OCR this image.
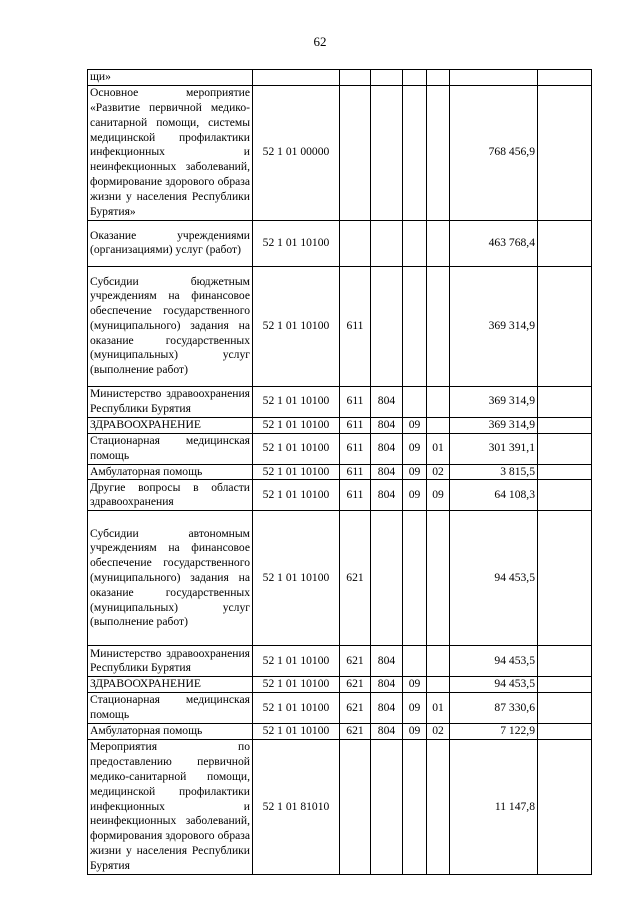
62
щи»							
Основное мероприятие «Развитие первичной медико-санитарной помощи, системы медицинской профилактики инфекционных и неинфекционных заболеваний, формирование здорового образа жизни у населения Республики Бурятия»	52 1 01 00000					768 456,9	
Оказание учреждениями (организациями) услуг (работ)	52 1 01 10100					463 768,4	
Субсидии бюджетным учреждениям на финансовое обеспечение государственного (муниципального) задания на оказание государственных (муниципальных) услуг (выполнение работ)	52 1 01 10100	611				369 314,9	
Министерство здравоохранения Республики Бурятия	52 1 01 10100	611	804			369 314,9	
ЗДРАВООХРАНЕНИЕ	52 1 01 10100	611	804	09		369 314,9	
Стационарная медицинская помощь	52 1 01 10100	611	804	09	01	301 391,1	
Амбулаторная помощь	52 1 01 10100	611	804	09	02	3 815,5	
Другие вопросы в области здравоохранения	52 1 01 10100	611	804	09	09	64 108,3	
Субсидии автономным учреждениям на финансовое обеспечение государственного (муниципального) задания на оказание государственных (муниципальных) услуг (выполнение работ)	52 1 01 10100	621				94 453,5	
Министерство здравоохранения Республики Бурятия	52 1 01 10100	621	804			94 453,5	
ЗДРАВООХРАНЕНИЕ	52 1 01 10100	621	804	09		94 453,5	
Стационарная медицинская помощь	52 1 01 10100	621	804	09	01	87 330,6	
Амбулаторная помощь	52 1 01 10100	621	804	09	02	7 122,9	
Мероприятия по предоставлению первичной медико-санитарной помощи, медицинской профилактики инфекционных и неинфекционных заболеваний, формирования здорового образа жизни у населения Республики Бурятия	52 1 01 81010					11 147,8	
